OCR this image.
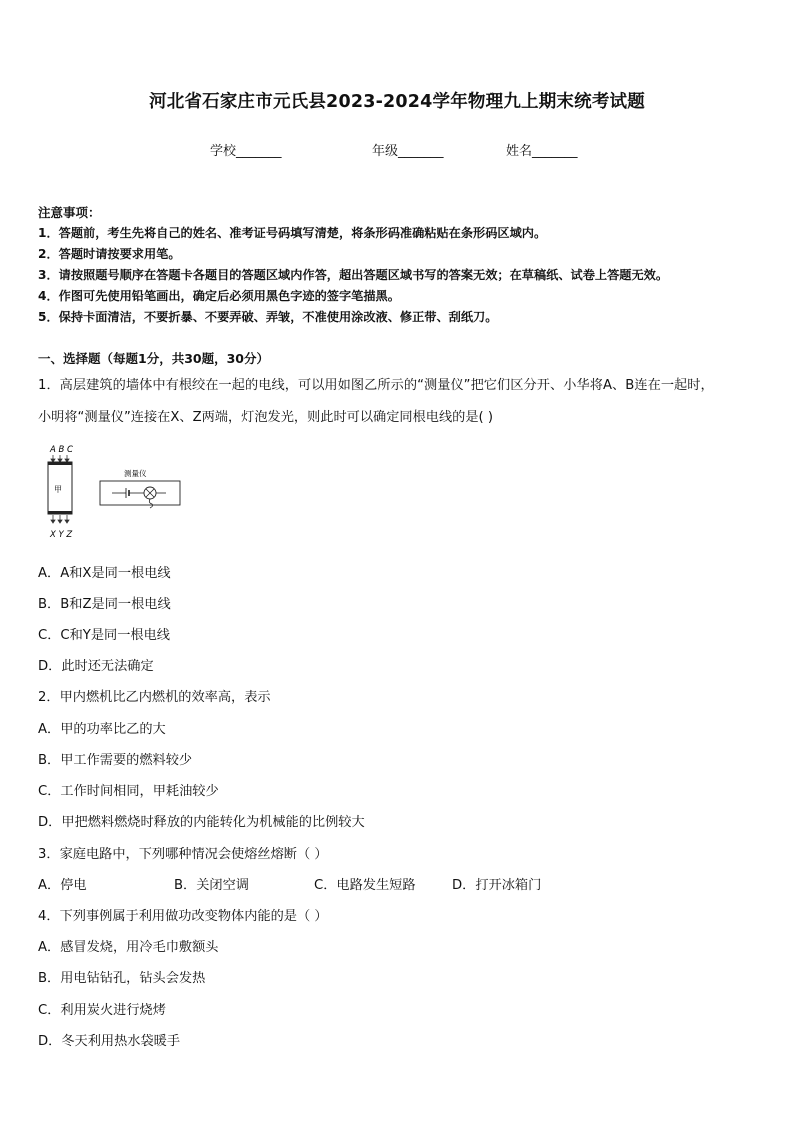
河北省石家庄市元氏县2023-2024学年物理九上期末统考试题
学校_______	年级_______	姓名_______
注意事项：
1．答题前，考生先将自己的姓名、准考证号码填写清楚，将条形码准确粘贴在条形码区域内。
2．答题时请按要求用笔。
3．请按照题号顺序在答题卡各题目的答题区域内作答，超出答题区域书写的答案无效；在草稿纸、试卷上答题无效。
4．作图可先使用铅笔画出，确定后必须用黑色字迹的签字笔描黑。
5．保持卡面清洁，不要折暴、不要弄破、弄皱，不准使用涂改液、修正带、刮纸刀。
一、选择题（每题1分，共30题，30分）
1．高层建筑的墙体中有根绞在一起的电线，可以用如图乙所示的“测量仪”把它们区分开、小华将A、B连在一起时，
小明将“测量仪”连接在X、Z两端，灯泡发光，则此时可以确定同根电线的是( )
A B C
甲
X Y Z
测量仪
A．A和X是同一根电线
B．B和Z是同一根电线
C．C和Y是同一根电线
D．此时还无法确定
2．甲内燃机比乙内燃机的效率高，表示
A．甲的功率比乙的大
B．甲工作需要的燃料较少
C．工作时间相同，甲耗油较少
D．甲把燃料燃烧时释放的内能转化为机械能的比例较大
3．家庭电路中，下列哪种情况会使熔丝熔断（ ）
A．停电	B．关闭空调	C．电路发生短路	D．打开冰箱门
4．下列事例属于利用做功改变物体内能的是（ ）
A．感冒发烧，用冷毛巾敷额头
B．用电钻钻孔，钻头会发热
C．利用炭火进行烧烤
D．冬天利用热水袋暖手
